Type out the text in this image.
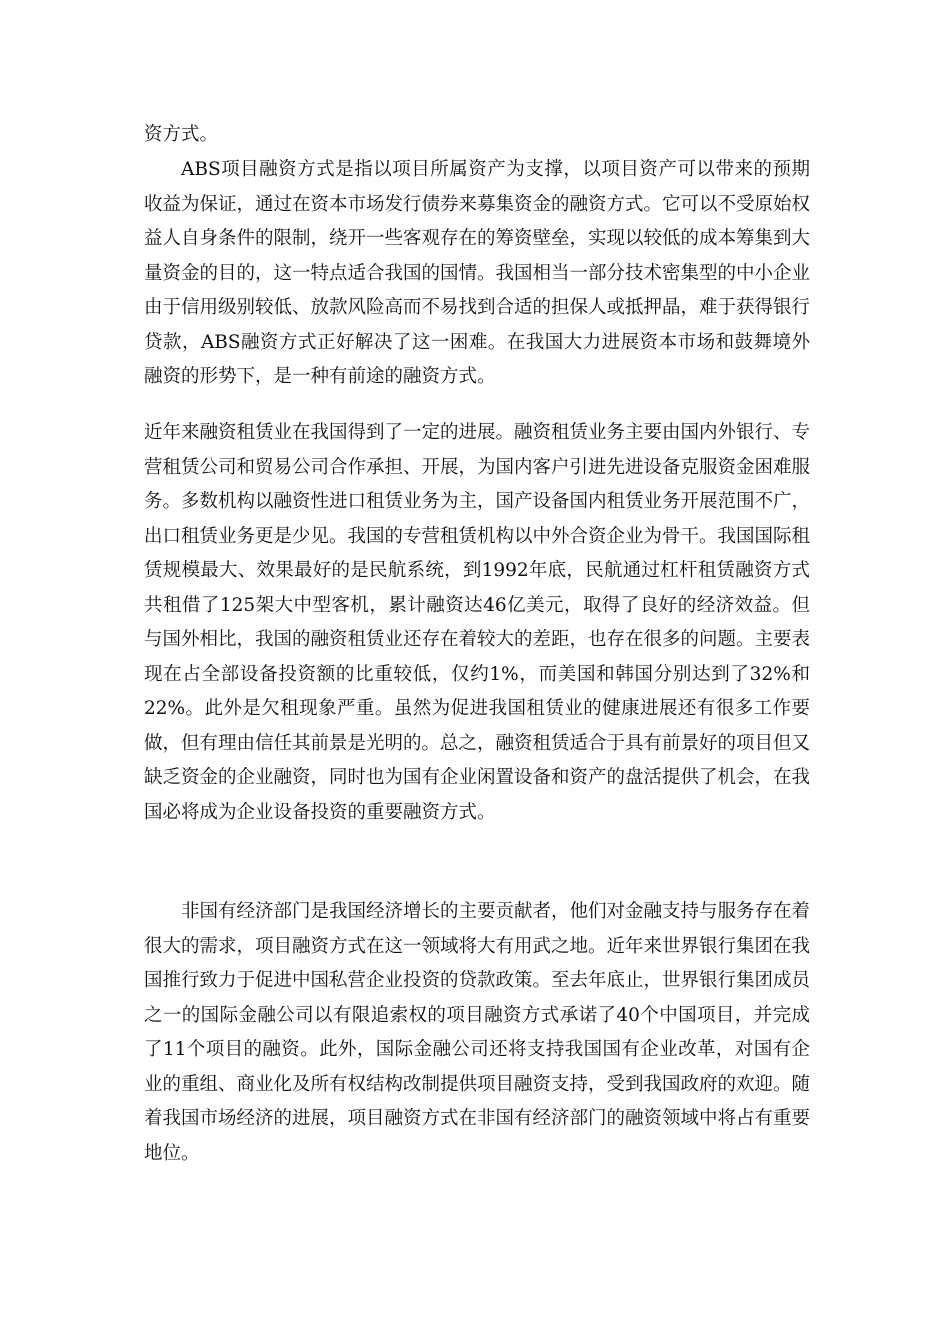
资方式。

ABS项目融资方式是指以项目所属资产为支撑，以项目资产可以带来的预期收益为保证，通过在资本市场发行债券来募集资金的融资方式。它可以不受原始权益人自身条件的限制，绕开一些客观存在的筹资壁垒，实现以较低的成本筹集到大量资金的目的，这一特点适合我国的国情。我国相当一部分技术密集型的中小企业由于信用级别较低、放款风险高而不易找到合适的担保人或抵押晶，难于获得银行贷款，ABS融资方式正好解决了这一困难。在我国大力进展资本市场和鼓舞境外融资的形势下，是一种有前途的融资方式。

近年来融资租赁业在我国得到了一定的进展。融资租赁业务主要由国内外银行、专营租赁公司和贸易公司合作承担、开展，为国内客户引进先进设备克服资金困难服务。多数机构以融资性进口租赁业务为主，国产设备国内租赁业务开展范围不广，出口租赁业务更是少见。我国的专营租赁机构以中外合资企业为骨干。我国国际租赁规模最大、效果最好的是民航系统，到1992年底，民航通过杠杆租赁融资方式共租借了125架大中型客机，累计融资达46亿美元，取得了良好的经济效益。但与国外相比，我国的融资租赁业还存在着较大的差距，也存在很多的问题。主要表现在占全部设备投资额的比重较低，仅约1%，而美国和韩国分别达到了32%和22%。此外是欠租现象严重。虽然为促进我国租赁业的健康进展还有很多工作要做，但有理由信任其前景是光明的。总之，融资租赁适合于具有前景好的项目但又缺乏资金的企业融资，同时也为国有企业闲置设备和资产的盘活提供了机会，在我国必将成为企业设备投资的重要融资方式。

非国有经济部门是我国经济增长的主要贡献者，他们对金融支持与服务存在着很大的需求，项目融资方式在这一领域将大有用武之地。近年来世界银行集团在我国推行致力于促进中国私营企业投资的贷款政策。至去年底止，世界银行集团成员之一的国际金融公司以有限追索权的项目融资方式承诺了40个中国项目，并完成了11个项目的融资。此外，国际金融公司还将支持我国国有企业改革，对国有企业的重组、商业化及所有权结构改制提供项目融资支持，受到我国政府的欢迎。随着我国市场经济的进展，项目融资方式在非国有经济部门的融资领域中将占有重要地位。
